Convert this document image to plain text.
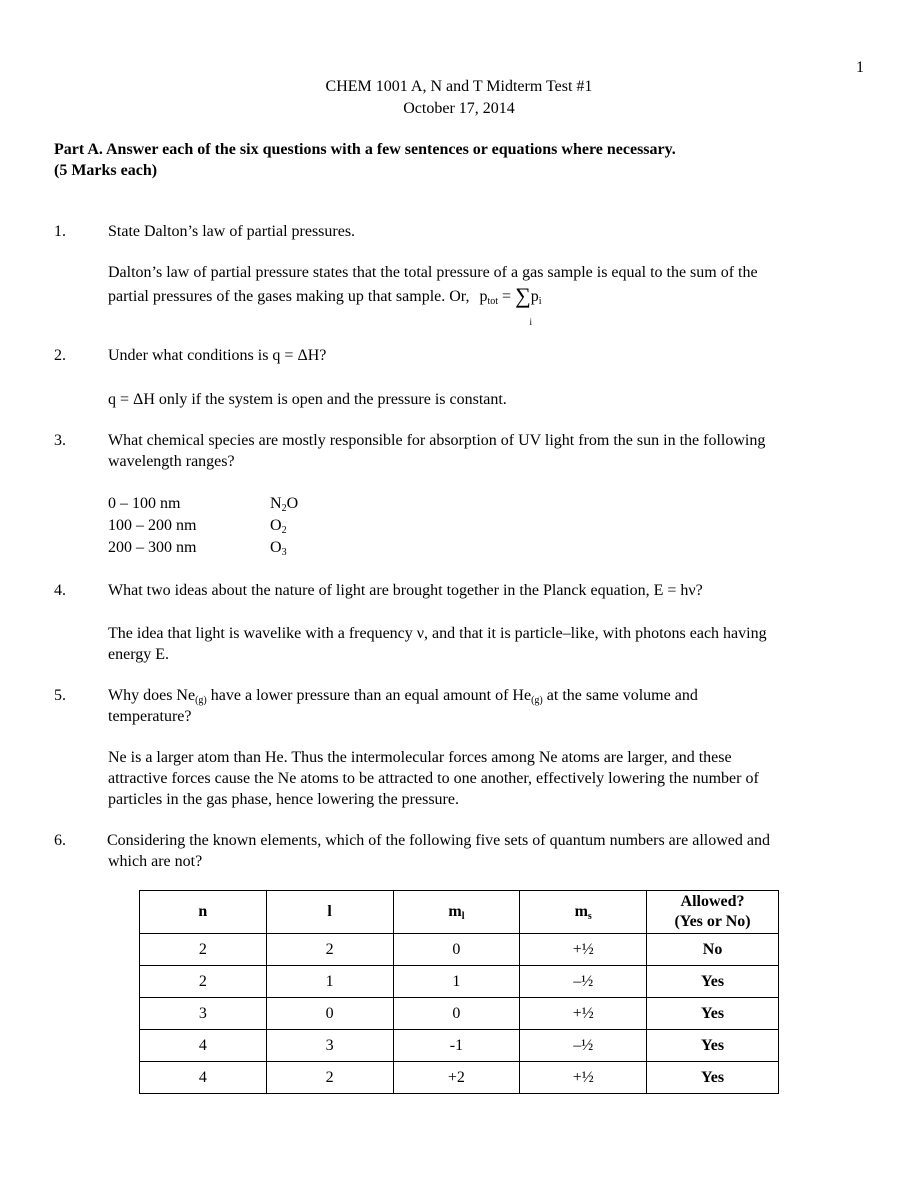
1
CHEM 1001 A, N and T Midterm Test #1
October 17, 2014
Part A. Answer each of the six questions with a few sentences or equations where necessary.
(5 Marks each)
1.	State Dalton’s law of partial pressures.
Dalton’s law of partial pressure states that the total pressure of a gas sample is equal to the sum of the
partial pressures of the gases making up that sample. Or, $p_{tot} = \sum p_i$
i
2.	Under what conditions is q = ΔH?
q = ΔH only if the system is open and the pressure is constant.
3.	What chemical species are mostly responsible for absorption of UV light from the sun in the following
wavelength ranges?
0 – 100 nm	$N_2O$
100 – 200 nm	$O_2$
200 – 300 nm	$O_3$
4.	What two ideas about the nature of light are brought together in the Planck equation, E = hν?
The idea that light is wavelike with a frequency ν, and that it is particle–like, with photons each having
energy E.
5.	Why does $Ne_{(g)}$ have a lower pressure than an equal amount of $He_{(g)}$ at the same volume and
temperature?
Ne is a larger atom than He. Thus the intermolecular forces among Ne atoms are larger, and these
attractive forces cause the Ne atoms to be attracted to one another, effectively lowering the number of
particles in the gas phase, hence lowering the pressure.
6.	Considering the known elements, which of the following five sets of quantum numbers are allowed and
which are not?
n	l	$m_l$	$m_s$	Allowed?
(Yes or No)

2	2	0	+½	No
2	1	1	–½	Yes
3	0	0	+½	Yes
4	3	-1	–½	Yes
4	2	+2	+½	Yes
